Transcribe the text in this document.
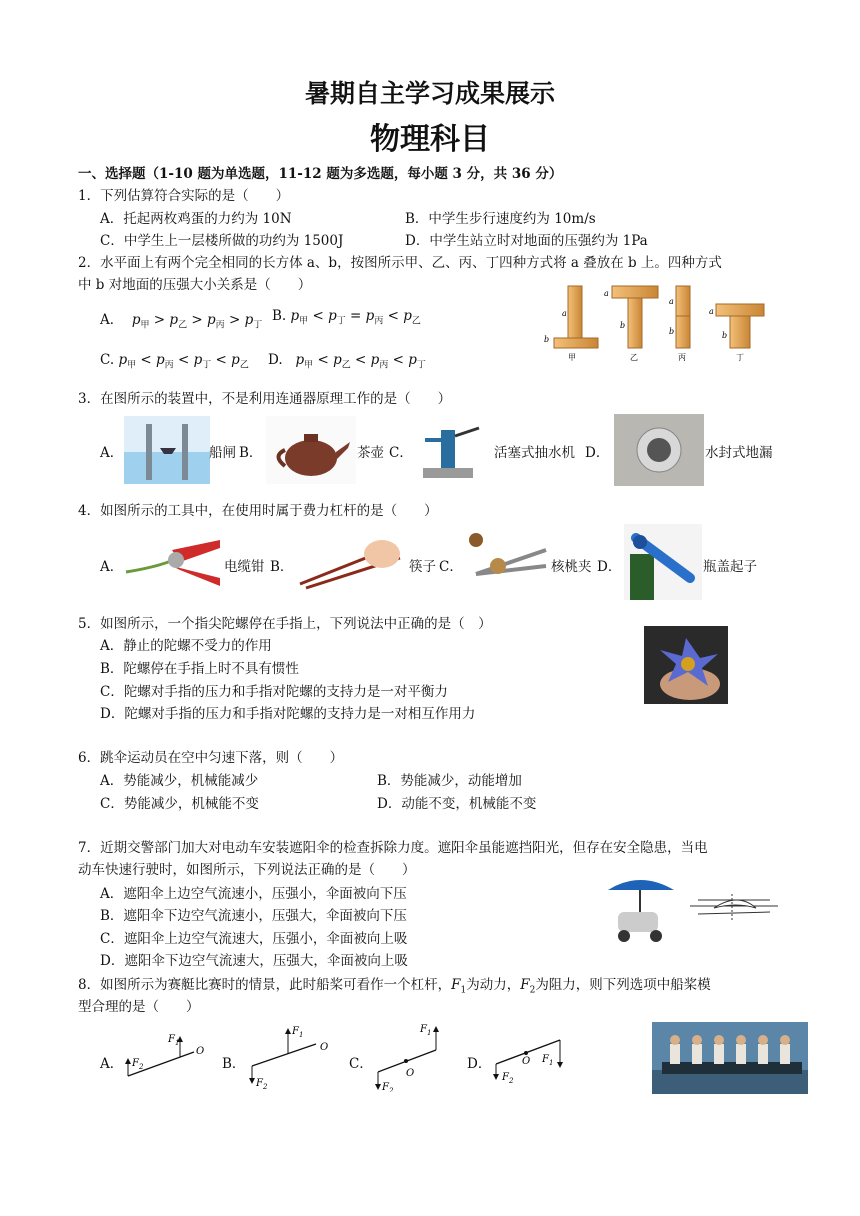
暑期自主学习成果展示
物理科目
一、选择题（1-10 题为单选题，11-12 题为多选题，每小题 3 分，共 36 分）
1．下列估算符合实际的是（　　）
A．托起两枚鸡蛋的力约为 10N	B．中学生步行速度约为 10m/s
C．中学生上一层楼所做的功约为 1500J	D．中学生站立时对地面的压强约为 1Pa
2．水平面上有两个完全相同的长方体 a、b，按图所示甲、乙、丙、丁四种方式将 a 叠放在 b 上。四种方式
中 b 对地面的压强大小关系是（　　）
A． $p_甲 > p_乙 > p_丙 > p_丁$
B. $p_甲 < p_丁 = p_丙 < p_乙$
C. $p_甲 < p_丙 < p_丁 < p_乙$ D. $p_甲 < p_乙 < p_丙 < p_丁$
a
b
a
b
a
b
a
b
甲	乙	丙	丁
3．在图所示的装置中，不是利用连通器原理工作的是（　　）
A．	船闸 B．	茶壶 C．	活塞式抽水机 D．	水封式地漏
4．如图所示的工具中，在使用时属于费力杠杆的是（　　）
A．	电缆钳 B．	筷子 C．	核桃夹 D．	瓶盖起子
5．如图所示，一个指尖陀螺停在手指上，下列说法中正确的是（　）
A．静止的陀螺不受力的作用
B．陀螺停在手指上时不具有惯性
C．陀螺对手指的压力和手指对陀螺的支持力是一对平衡力
D．陀螺对手指的压力和手指对陀螺的支持力是一对相互作用力
6．跳伞运动员在空中匀速下落，则（　　）
A．势能减少，机械能减少	B．势能减少，动能增加
C．势能减少，机械能不变	D．动能不变，机械能不变
7．近期交警部门加大对电动车安装遮阳伞的检查拆除力度。遮阳伞虽能遮挡阳光，但存在安全隐患，当电
动车快速行驶时，如图所示，下列说法正确的是（　　）
A．遮阳伞上边空气流速小，压强小，伞面被向下压
B．遮阳伞下边空气流速小，压强大，伞面被向下压
C．遮阳伞上边空气流速大，压强小，伞面被向上吸
D．遮阳伞下边空气流速大，压强大，伞面被向上吸
8．如图所示为赛艇比赛时的情景，此时船桨可看作一个杠杆，$F_1$为动力，$F_2$为阻力，则下列选项中船桨模
型合理的是（　　）
A． $F_2$
$F_1$
O
B．
$F_2$
$F_1$
O
C．
$F_2$
$F_1$
O
D．
$F_2$
$F_1$
O
